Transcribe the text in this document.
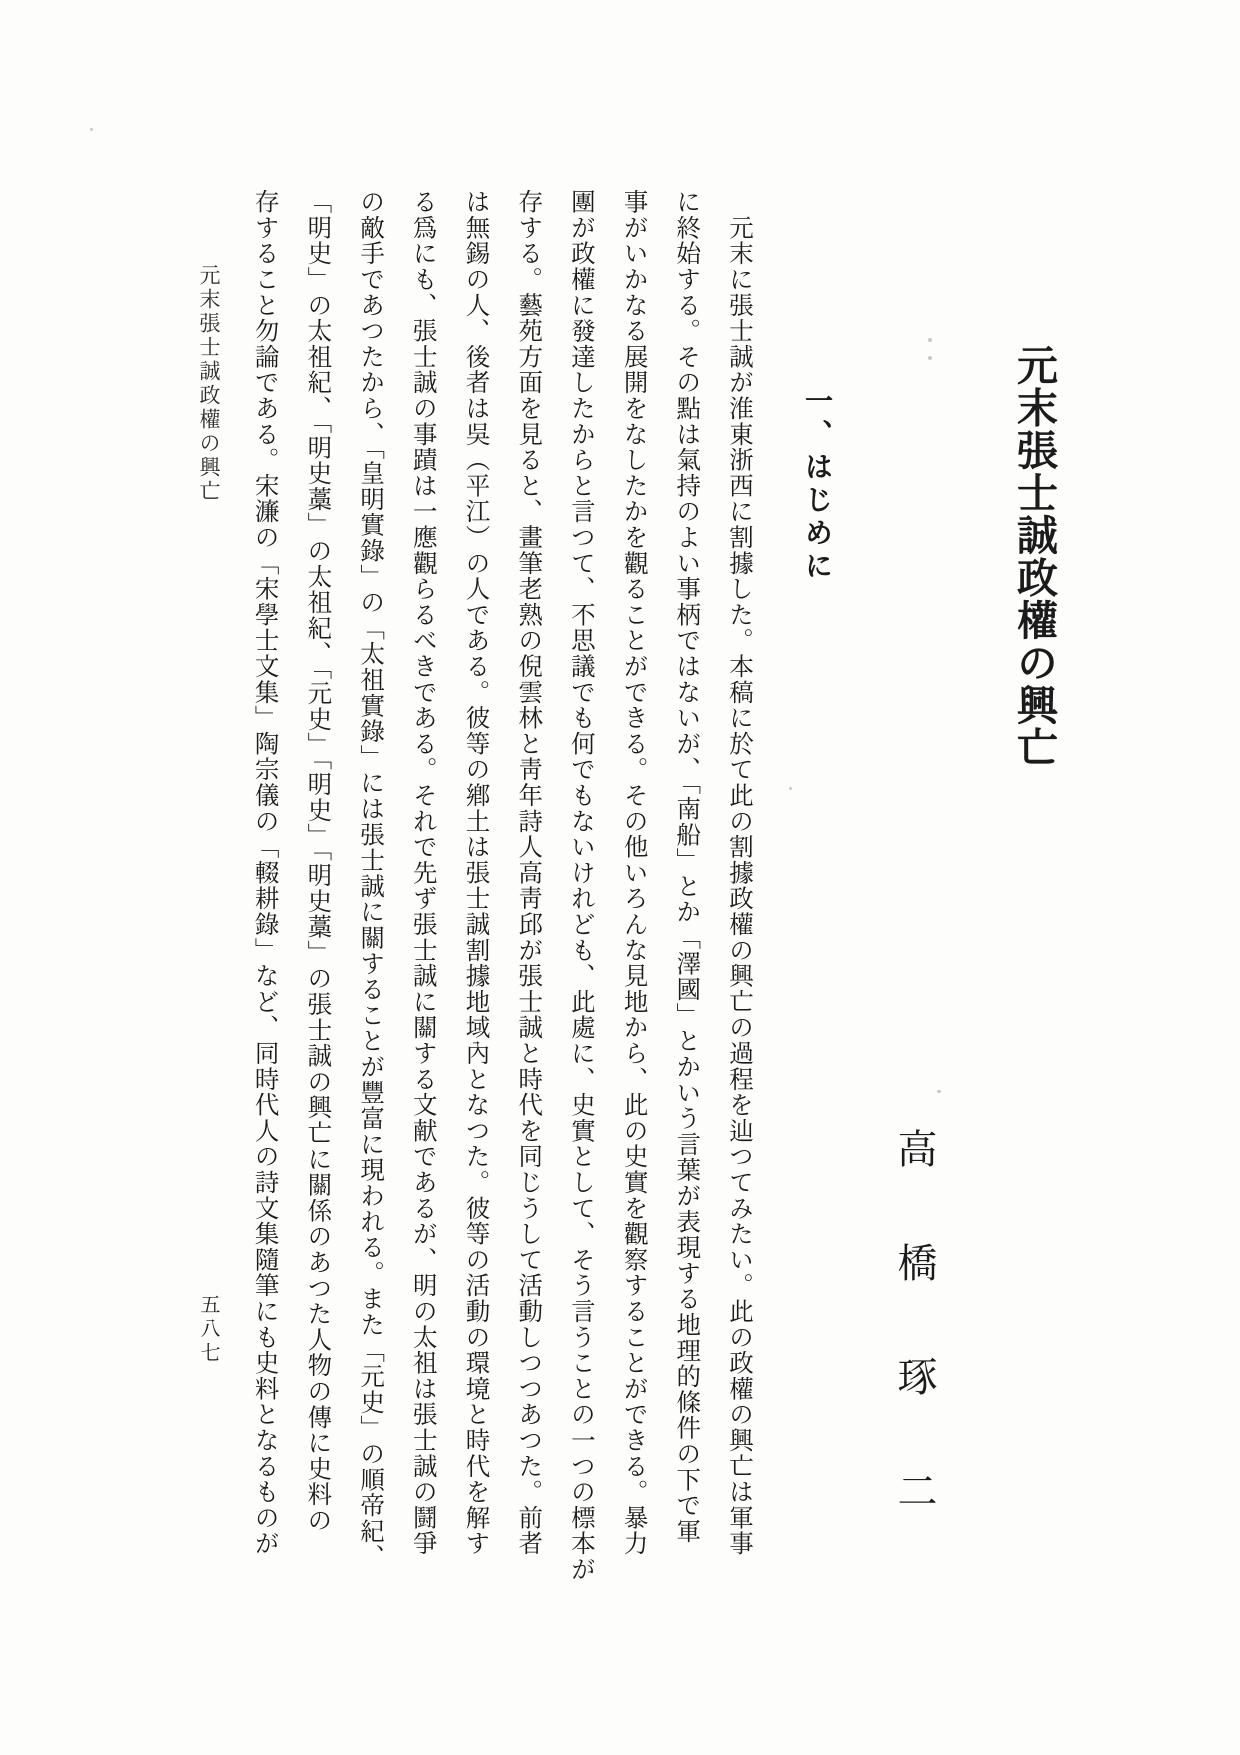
元末張士誠政權の興亡
高橋琢二
一、はじめに
　元末に張士誠が淮東浙西に割據した。本稿に於て此の割據政權の興亡の過程を辿つてみたい。此の政權の興亡は軍事
に終始する。その點は氣持のよい事柄ではないが、「南船」とか「澤國」とかいう言葉が表現する地理的條件の下で軍
事がいかなる展開をなしたかを觀ることができる。その他いろんな見地から、此の史實を觀察することができる。暴力
團が政權に發達したからと言つて、不思議でも何でもないけれども、此處に、史實として、そう言うことの一つの標本が
存する。藝苑方面を見ると、畫筆老熟の倪雲林と靑年詩人高靑邱が張士誠と時代を同じうして活動しつつあつた。前者
は無錫の人、後者は吳（平江）の人である。彼等の鄕土は張士誠割據地域內となつた。彼等の活動の環境と時代を解す
る爲にも、張士誠の事蹟は一應觀らるべきである。それで先ず張士誠に關する文献であるが、明の太祖は張士誠の鬪爭
の敵手であつたから、「皇明實錄」の「太祖實錄」には張士誠に關することが豐富に現われる。また「元史」の順帝紀、
「明史」の太祖紀、「明史藁」の太祖紀、「元史」「明史」「明史藁」の張士誠の興亡に關係のあつた人物の傳に史料の
存すること勿論である。宋濂の「宋學士文集」陶宗儀の「輟耕錄」など、同時代人の詩文集隨筆にも史料となるものが
元末張士誠政權の興亡
五八七
